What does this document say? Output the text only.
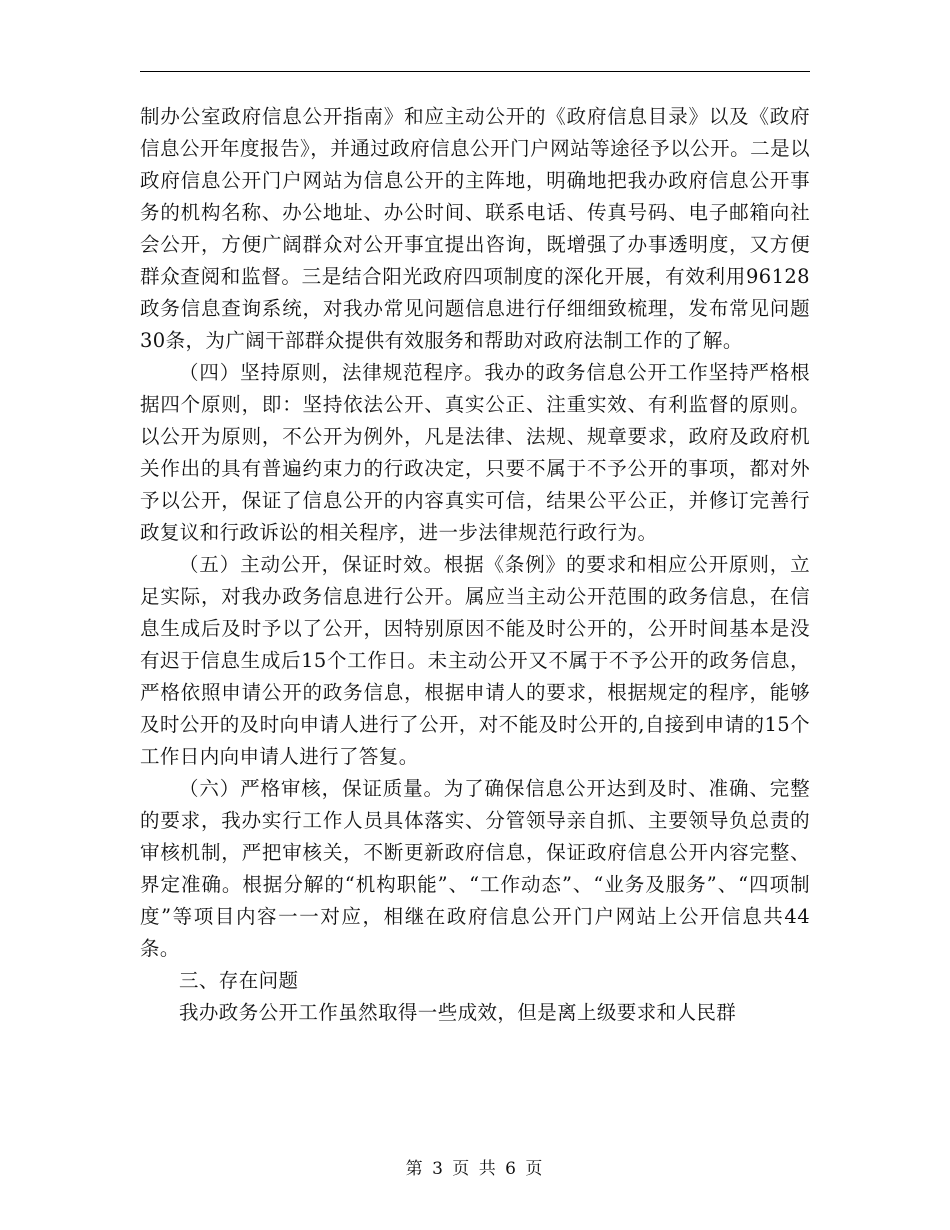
制办公室政府信息公开指南》和应主动公开的《政府信息目录》以及《政府信息公开年度报告》，并通过政府信息公开门户网站等途径予以公开。二是以政府信息公开门户网站为信息公开的主阵地，明确地把我办政府信息公开事务的机构名称、办公地址、办公时间、联系电话、传真号码、电子邮箱向社会公开，方便广阔群众对公开事宜提出咨询，既增强了办事透明度，又方便群众查阅和监督。三是结合阳光政府四项制度的深化开展，有效利用96128政务信息查询系统，对我办常见问题信息进行仔细细致梳理，发布常见问题30条，为广阔干部群众提供有效服务和帮助对政府法制工作的了解。

（四）坚持原则，法律规范程序。我办的政务信息公开工作坚持严格根据四个原则，即：坚持依法公开、真实公正、注重实效、有利监督的原则。以公开为原则，不公开为例外，凡是法律、法规、规章要求，政府及政府机关作出的具有普遍约束力的行政决定，只要不属于不予公开的事项，都对外予以公开，保证了信息公开的内容真实可信，结果公平公正，并修订完善行政复议和行政诉讼的相关程序，进一步法律规范行政行为。

（五）主动公开，保证时效。根据《条例》的要求和相应公开原则，立足实际，对我办政务信息进行公开。属应当主动公开范围的政务信息，在信息生成后及时予以了公开，因特别原因不能及时公开的，公开时间基本是没有迟于信息生成后15个工作日。未主动公开又不属于不予公开的政务信息，严格依照申请公开的政务信息，根据申请人的要求，根据规定的程序，能够及时公开的及时向申请人进行了公开，对不能及时公开的,自接到申请的15个工作日内向申请人进行了答复。

（六）严格审核，保证质量。为了确保信息公开达到及时、准确、完整的要求，我办实行工作人员具体落实、分管领导亲自抓、主要领导负总责的审核机制，严把审核关，不断更新政府信息，保证政府信息公开内容完整、界定准确。根据分解的“机构职能”、“工作动态”、“业务及服务”、“四项制度”等项目内容一一对应，相继在政府信息公开门户网站上公开信息共44条。

三、存在问题

我办政务公开工作虽然取得一些成效，但是离上级要求和人民群

第 3 页 共 6 页
